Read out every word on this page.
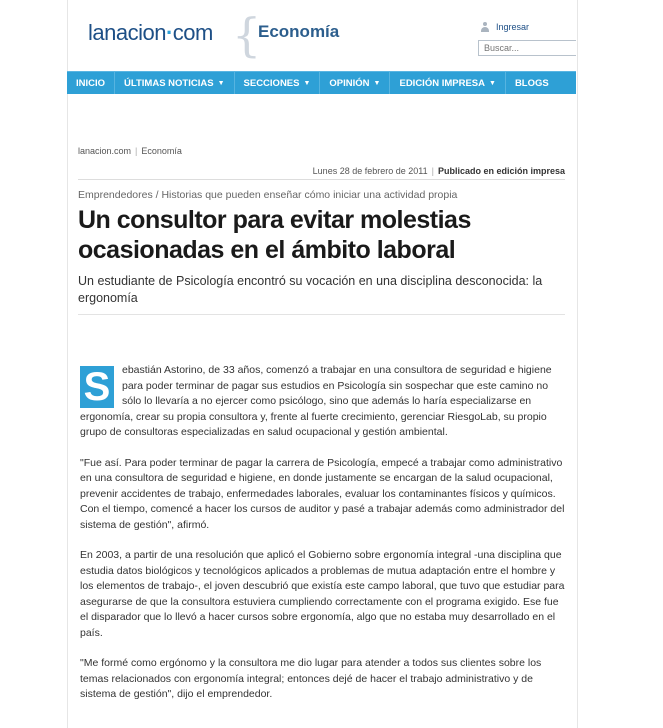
lanacion·com {
Economía	Ingresar
Buscar...
INICIO ÚLTIMAS NOTICIAS ▼ SECCIONES ▼ OPINIÓN ▼ EDICIÓN IMPRESA ▼ BLOGS
lanacion.com | Economía
Lunes 28 de febrero de 2011 | Publicado en edición impresa
Emprendedores / Historias que pueden enseñar cómo iniciar una actividad propia
Un consultor para evitar molestias ocasionadas en el ámbito laboral
Un estudiante de Psicología encontró su vocación en una disciplina desconocida: la ergonomía

S	ebastián Astorino, de 33 años, comenzó a trabajar en una consultora de seguridad e higiene para poder terminar de pagar sus estudios en Psicología sin sospechar que este camino no sólo lo llevaría a no ejercer como psicólogo, sino que además lo haría especializarse en ergonomía, crear su propia consultora y, frente al fuerte crecimiento, gerenciar RiesgoLab, su propio grupo de consultoras especializadas en salud ocupacional y gestión ambiental.

"Fue así. Para poder terminar de pagar la carrera de Psicología, empecé a trabajar como administrativo en una consultora de seguridad e higiene, en donde justamente se encargan de la salud ocupacional, prevenir accidentes de trabajo, enfermedades laborales, evaluar los contaminantes físicos y químicos. Con el tiempo, comencé a hacer los cursos de auditor y pasé a trabajar además como administrador del sistema de gestión", afirmó.

En 2003, a partir de una resolución que aplicó el Gobierno sobre ergonomía integral -una disciplina que estudia datos biológicos y tecnológicos aplicados a problemas de mutua adaptación entre el hombre y los elementos de trabajo-, el joven descubrió que existía este campo laboral, que tuvo que estudiar para asegurarse de que la consultora estuviera cumpliendo correctamente con el programa exigido. Ese fue el disparador que lo llevó a hacer cursos sobre ergonomía, algo que no estaba muy desarrollado en el país.

"Me formé como ergónomo y la consultora me dio lugar para atender a todos sus clientes sobre los temas relacionados con ergonomía integral; entonces dejé de hacer el trabajo administrativo y de sistema de gestión", dijo el emprendedor.
